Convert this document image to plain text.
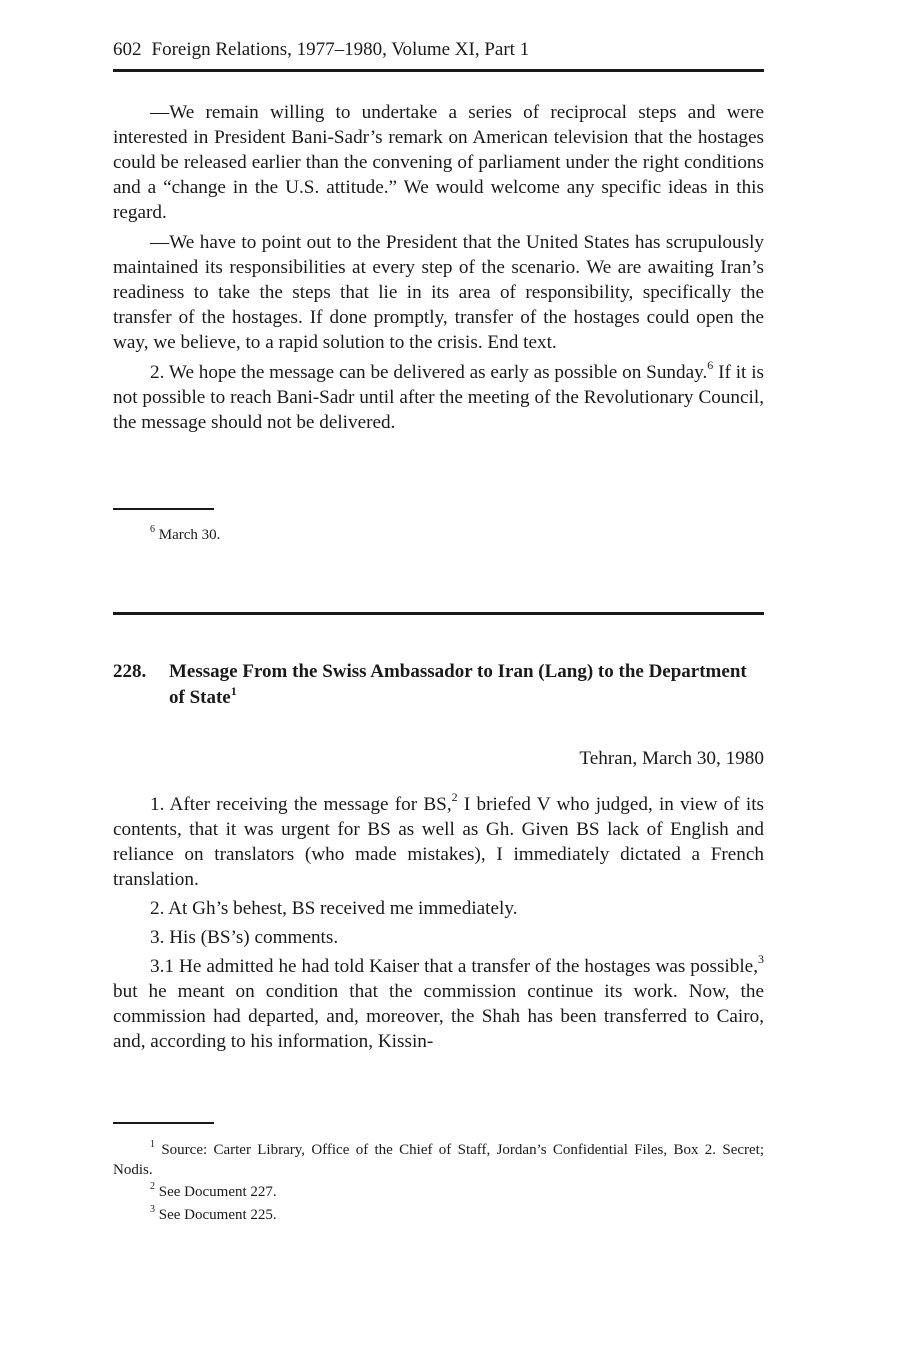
602 Foreign Relations, 1977–1980, Volume XI, Part 1

—We remain willing to undertake a series of reciprocal steps and were interested in President Bani-Sadr’s remark on American television that the hostages could be released earlier than the convening of parliament under the right conditions and a “change in the U.S. attitude.” We would welcome any specific ideas in this regard.

—We have to point out to the President that the United States has scrupulously maintained its responsibilities at every step of the scenario. We are awaiting Iran’s readiness to take the steps that lie in its area of responsibility, specifically the transfer of the hostages. If done promptly, transfer of the hostages could open the way, we believe, to a rapid solution to the crisis. End text.

2. We hope the message can be delivered as early as possible on Sunday.$^6$ If it is not possible to reach Bani-Sadr until after the meeting of the Revolutionary Council, the message should not be delivered.

$^6$ March 30.

228. Message From the Swiss Ambassador to Iran (Lang) to the Department of State$^1$
Tehran, March 30, 1980

1. After receiving the message for BS,$^2$ I briefed V who judged, in view of its contents, that it was urgent for BS as well as Gh. Given BS lack of English and reliance on translators (who made mistakes), I immediately dictated a French translation.

2. At Gh’s behest, BS received me immediately.

3. His (BS’s) comments.

3.1 He admitted he had told Kaiser that a transfer of the hostages was possible,$^3$ but he meant on condition that the commission continue its work. Now, the commission had departed, and, moreover, the Shah has been transferred to Cairo, and, according to his information, Kissin-

$^1$ Source: Carter Library, Office of the Chief of Staff, Jordan’s Confidential Files, Box 2. Secret; Nodis.

$^2$ See Document 227.

$^3$ See Document 225.
